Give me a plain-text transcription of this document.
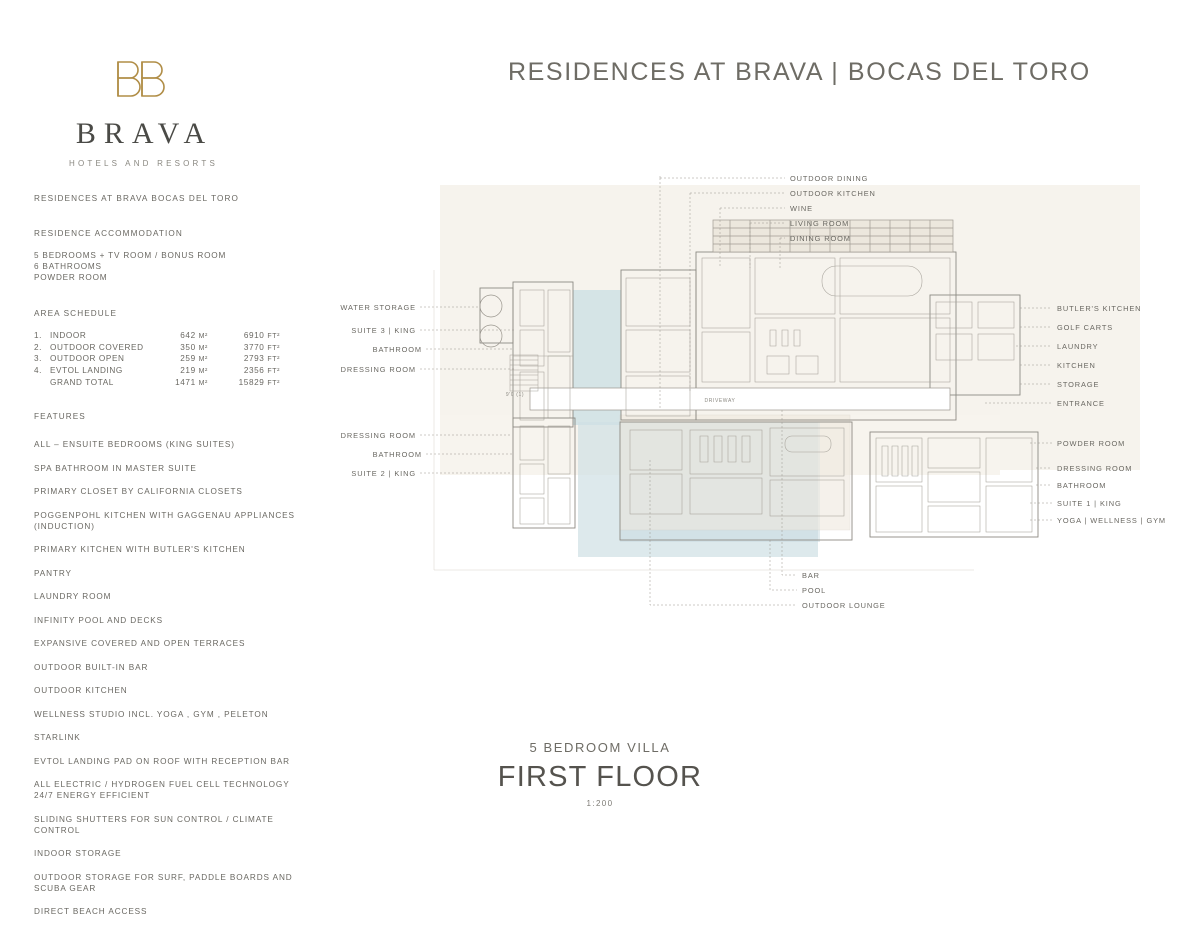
BRAVA
HOTELS AND RESORTS
RESIDENCES AT BRAVA BOCAS DEL TORO
RESIDENCE ACCOMMODATION
5 BEDROOMS + TV ROOM / BONUS ROOM
6 BATHROOMS
POWDER ROOM
AREA SCHEDULE
1.	INDOOR	642 M²	6910 FT²
2.	OUTDOOR COVERED	350 M²	3770 FT²
3.	OUTDOOR OPEN	259 M²	2793 FT²
4.	EVTOL LANDING	219 M²	2356 FT²
	GRAND TOTAL	1471 M²	15829 FT²
FEATURES
ALL – ENSUITE BEDROOMS (KING SUITES)
SPA BATHROOM IN MASTER SUITE
PRIMARY CLOSET BY CALIFORNIA CLOSETS
POGGENPOHL KITCHEN WITH GAGGENAU APPLIANCES (INDUCTION)
PRIMARY KITCHEN WITH BUTLER'S KITCHEN
PANTRY
LAUNDRY ROOM
INFINITY POOL AND DECKS
EXPANSIVE COVERED AND OPEN TERRACES
OUTDOOR BUILT-IN BAR
OUTDOOR KITCHEN
WELLNESS STUDIO INCL. YOGA , GYM , PELETON
STARLINK
EVTOL LANDING PAD ON ROOF WITH RECEPTION BAR
ALL ELECTRIC / HYDROGEN FUEL CELL TECHNOLOGY 24/7 ENERGY EFFICIENT
SLIDING SHUTTERS FOR SUN CONTROL / CLIMATE CONTROL
INDOOR STORAGE
OUTDOOR STORAGE FOR SURF, PADDLE BOARDS AND SCUBA GEAR
DIRECT BEACH ACCESS
RESIDENCES AT BRAVA | BOCAS DEL TORO
DRIVEWAY
9'0 (1)
OUTDOOR DINING
OUTDOOR KITCHEN
WINE
LIVING ROOM
DINING ROOM
WATER STORAGE
SUITE 3 | KING
BATHROOM
DRESSING ROOM
DRESSING ROOM
BATHROOM
SUITE 2 | KING
BUTLER'S KITCHEN
GOLF CARTS
LAUNDRY
KITCHEN
STORAGE
ENTRANCE
POWDER ROOM
DRESSING ROOM
BATHROOM
SUITE 1 | KING
YOGA | WELLNESS | GYM
BAR
POOL
OUTDOOR LOUNGE
5 BEDROOM VILLA
FIRST FLOOR
1:200
